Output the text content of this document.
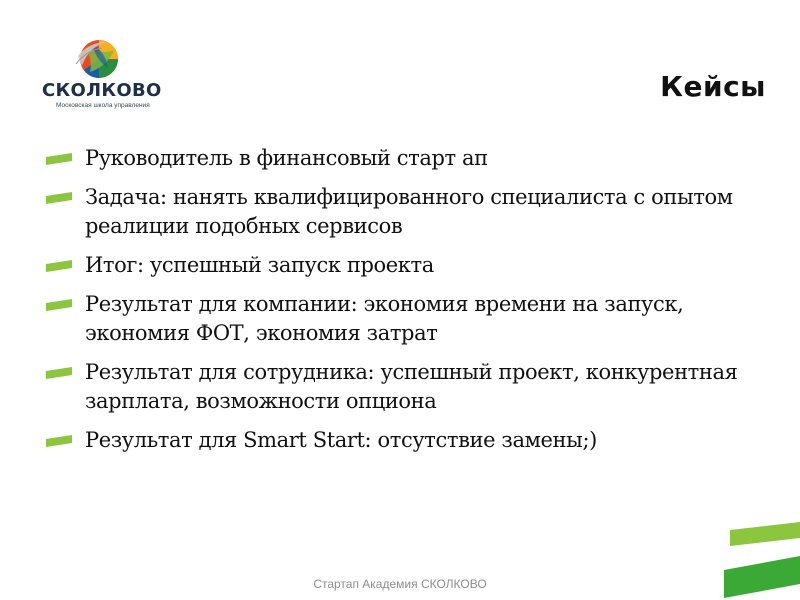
СКОЛКОВО
Московская школа управления
Кейсы
Руководитель в финансовый старт ап
Задача: нанять квалифицированного специалиста с опытом реалиции подобных сервисов
Итог: успешный запуск проекта
Результат для компании: экономия времени на запуск, экономия ФОТ, экономия затрат
Результат для сотрудника: успешный проект, конкурентная зарплата, возможности опциона
Результат для Smart Start: отсутствие замены;)
Стартап Академия СКОЛКОВО
